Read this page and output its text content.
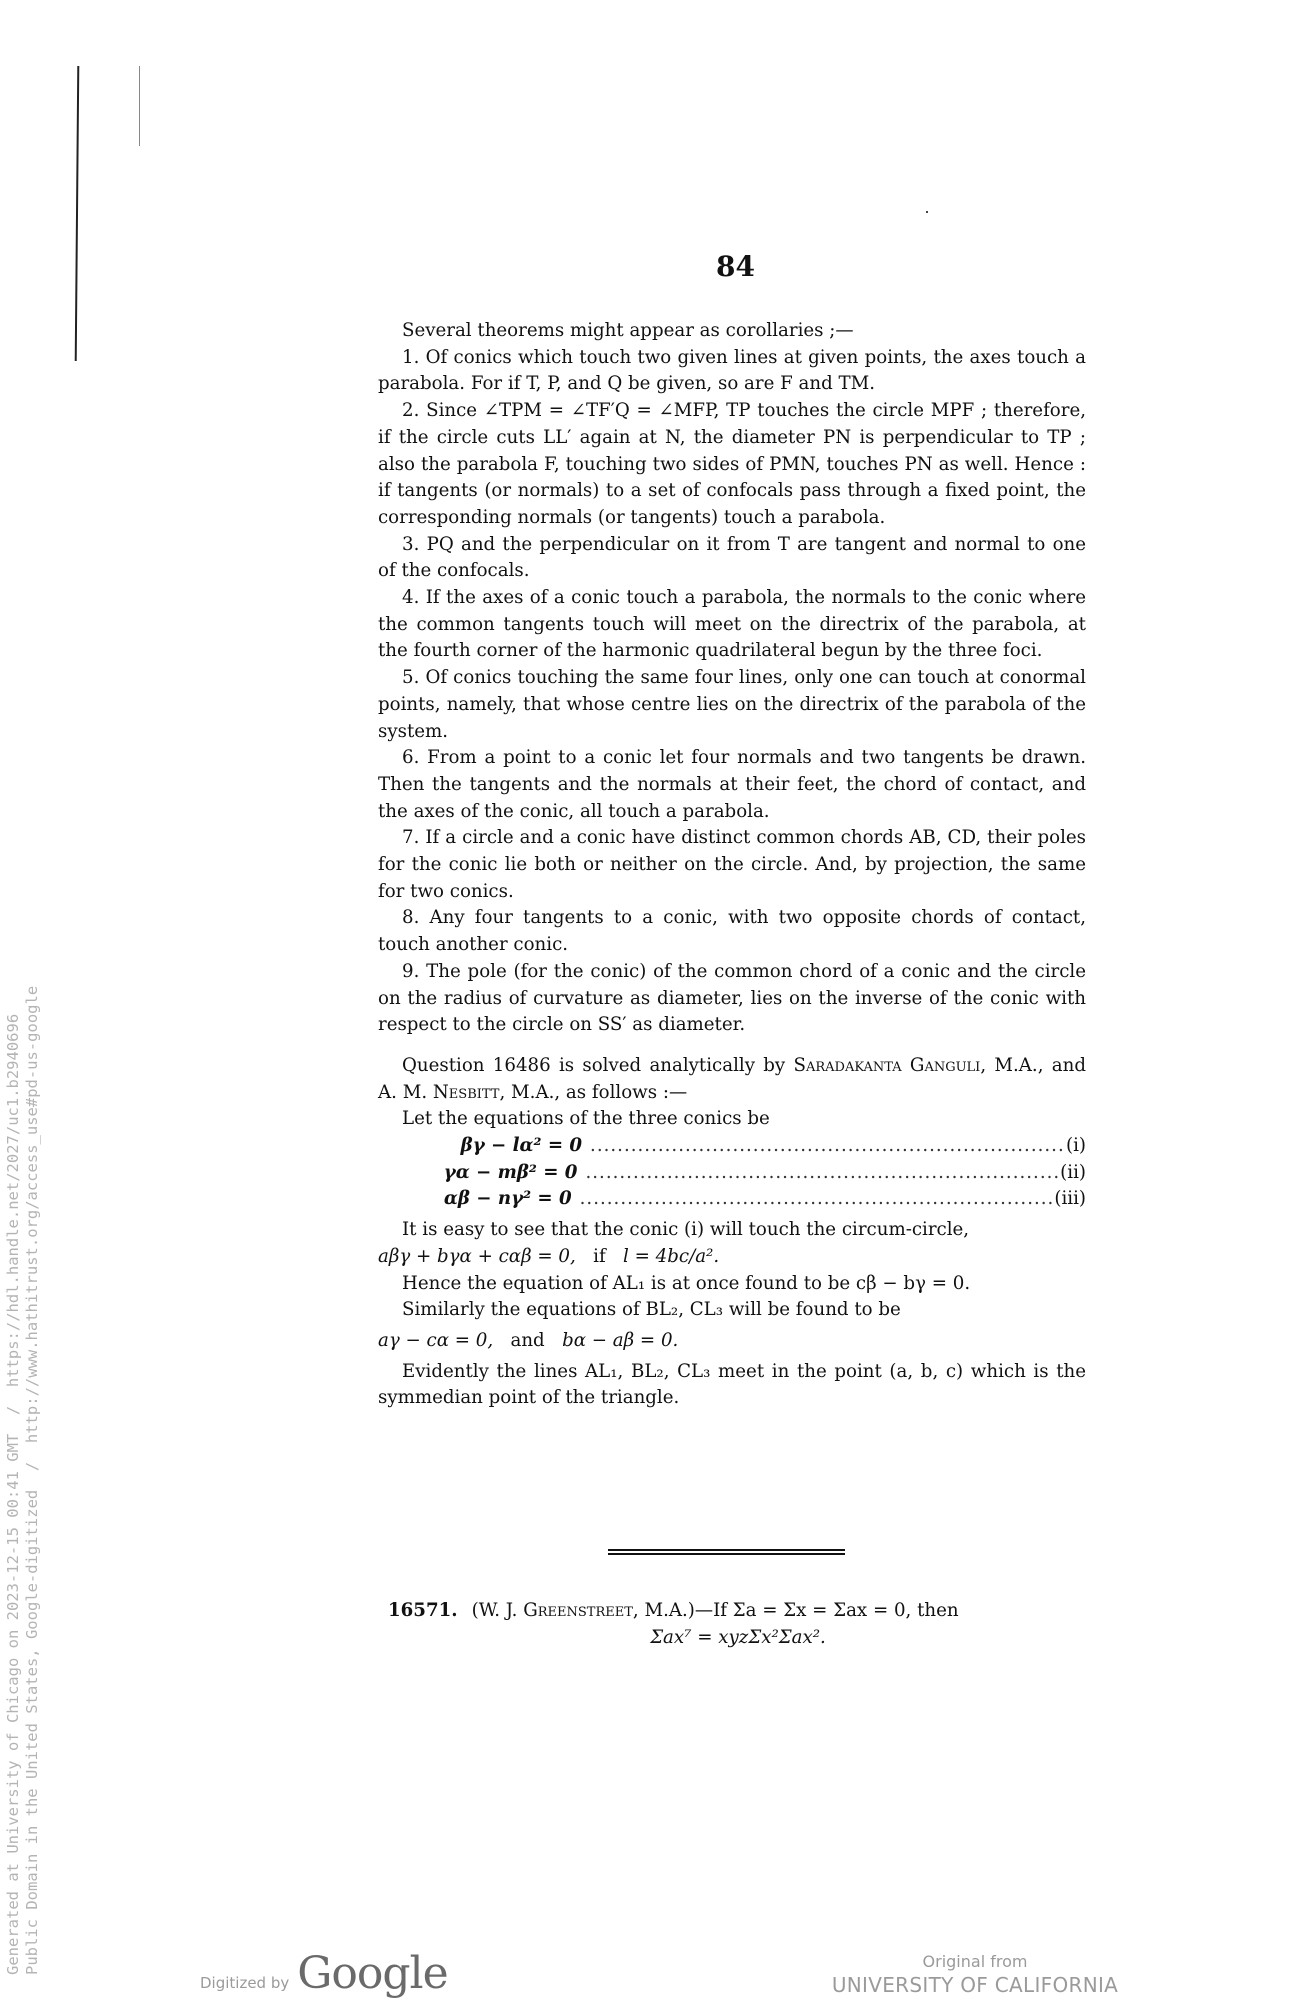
Generated at University of Chicago on 2023-12-15 00:41 GMT  /  https://hdl.handle.net/2027/uc1.b2940696 Public Domain in the United States, Google-digitized  /  http://www.hathitrust.org/access_use#pd-us-google
84

Several theorems might appear as corollaries ;—

1. Of conics which touch two given lines at given points, the axes touch a parabola. For if T, P, and Q be given, so are F and TM.

2. Since ∠TPM = ∠TF′Q = ∠MFP, TP touches the circle MPF ; therefore, if the circle cuts LL′ again at N, the diameter PN is perpendicular to TP ; also the parabola F, touching two sides of PMN, touches PN as well. Hence : if tangents (or normals) to a set of confocals pass through a fixed point, the corresponding normals (or tangents) touch a parabola.

3. PQ and the perpendicular on it from T are tangent and normal to one of the confocals.

4. If the axes of a conic touch a parabola, the normals to the conic where the common tangents touch will meet on the directrix of the parabola, at the fourth corner of the harmonic quadrilateral begun by the three foci.

5. Of conics touching the same four lines, only one can touch at conormal points, namely, that whose centre lies on the directrix of the parabola of the system.

6. From a point to a conic let four normals and two tangents be drawn. Then the tangents and the normals at their feet, the chord of contact, and the axes of the conic, all touch a parabola.

7. If a circle and a conic have distinct common chords AB, CD, their poles for the conic lie both or neither on the circle. And, by projection, the same for two conics.

8. Any four tangents to a conic, with two opposite chords of contact, touch another conic.

9. The pole (for the conic) of the common chord of a conic and the circle on the radius of curvature as diameter, lies on the inverse of the conic with respect to the circle on SS′ as diameter.

Question 16486 is solved analytically by Saradakanta Ganguli, M.A., and A. M. Nesbitt, M.A., as follows :—

Let the equations of the three conics be

βγ − lα² = 0 ...................................................................... (i)
γα − mβ² = 0 ...................................................................... (ii)
αβ − nγ² = 0 ...................................................................... (iii)

It is easy to see that the conic (i) will touch the circum-circle,

aβγ + bγα + cαβ = 0, if l = 4bc/a².

Hence the equation of AL₁ is at once found to be cβ − bγ = 0.

Similarly the equations of BL₂, CL₃ will be found to be

aγ − cα = 0, and bα − aβ = 0.

Evidently the lines AL₁, BL₂, CL₃ meet in the point (a, b, c) which is the symmedian point of the triangle.

16571. (W. J. Greenstreet, M.A.)—If Σa = Σx = Σax = 0, then
Σax⁷ = xyzΣx²Σax².
Digitized by Google	Original from
UNIVERSITY OF CALIFORNIA
